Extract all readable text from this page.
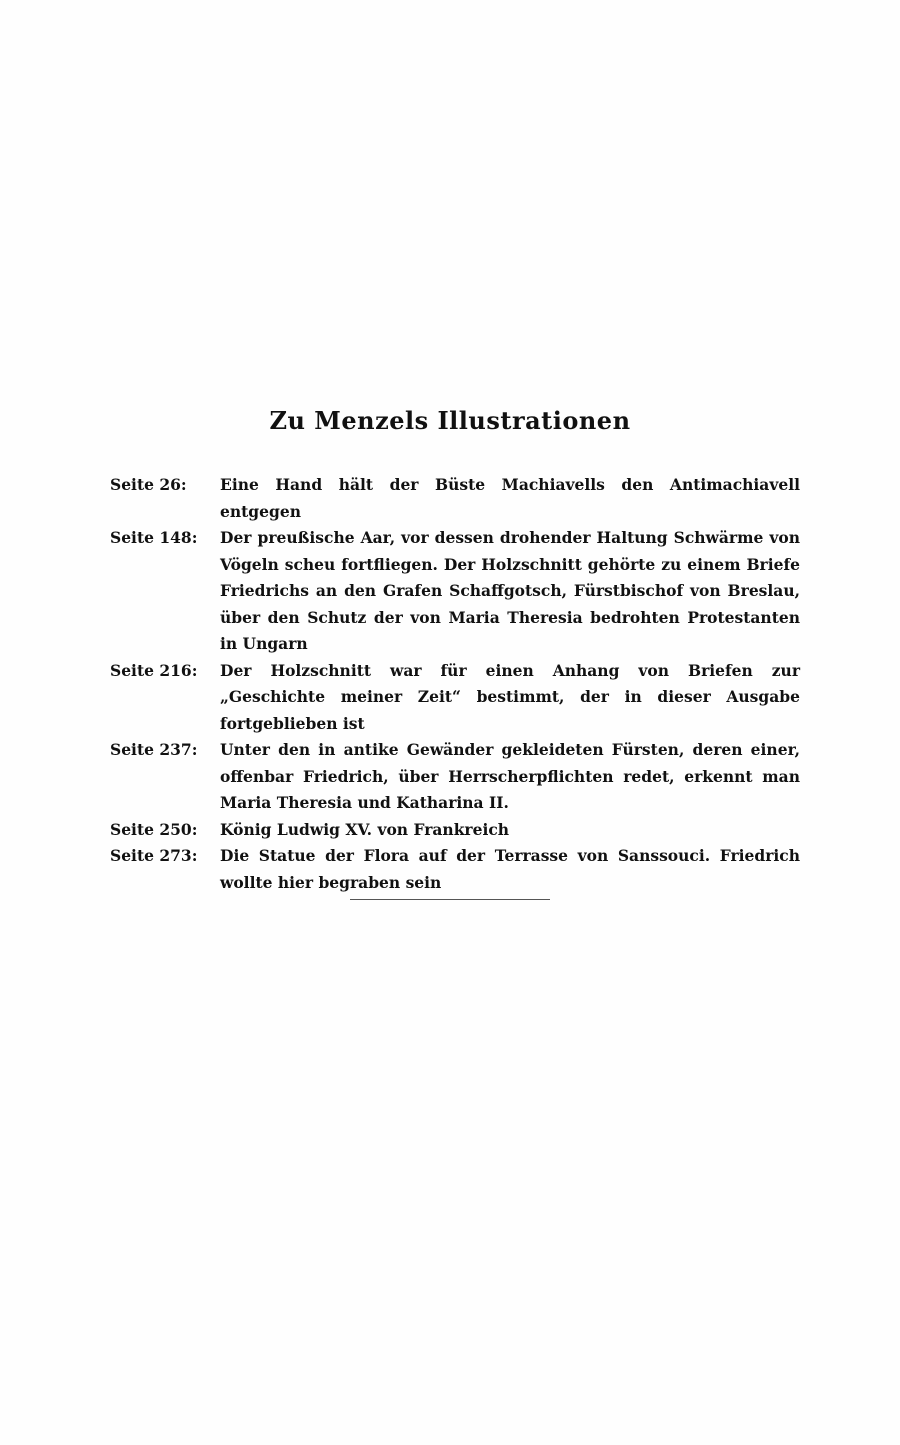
Zu Menzels Illustrationen
Seite 26:	Eine Hand hält der Büste Machiavells den Antimachiavell entgegen
Seite 148:	Der preußische Aar, vor dessen drohender Haltung Schwärme von Vögeln scheu fortfliegen. Der Holzschnitt gehörte zu einem Briefe Friedrichs an den Grafen Schaffgotsch, Fürstbischof von Breslau, über den Schutz der von Maria Theresia bedrohten Protestanten in Ungarn
Seite 216:	Der Holzschnitt war für einen Anhang von Briefen zur „Geschichte meiner Zeit“ bestimmt, der in dieser Ausgabe fortgeblieben ist
Seite 237:	Unter den in antike Gewänder gekleideten Fürsten, deren einer, offenbar Friedrich, über Herrscherpflichten redet, erkennt man Maria Theresia und Katharina II.
Seite 250:	König Ludwig XV. von Frankreich
Seite 273:	Die Statue der Flora auf der Terrasse von Sanssouci. Friedrich wollte hier begraben sein
